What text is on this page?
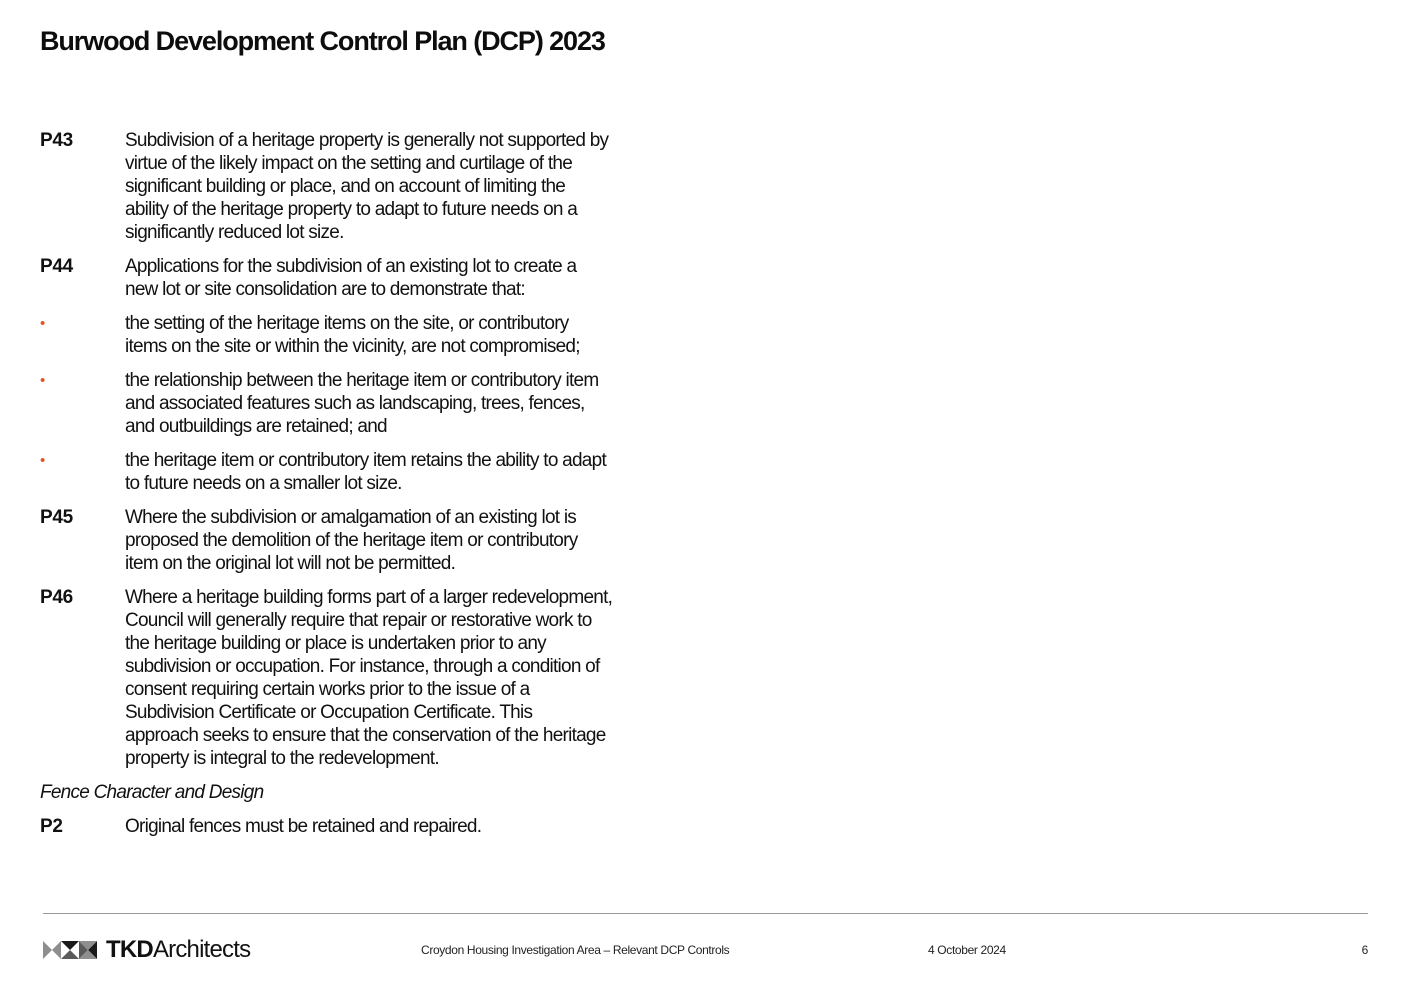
Burwood Development Control Plan (DCP) 2023
P43	Subdivision of a heritage property is generally not supported by
virtue of the likely impact on the setting and curtilage of the
significant building or place, and on account of limiting the
ability of the heritage property to adapt to future needs on a
significantly reduced lot size.
P44	Applications for the subdivision of an existing lot to create a
new lot or site consolidation are to demonstrate that:
•	the setting of the heritage items on the site, or contributory
items on the site or within the vicinity, are not compromised;
•	the relationship between the heritage item or contributory item
and associated features such as landscaping, trees, fences,
and outbuildings are retained; and
•	the heritage item or contributory item retains the ability to adapt
to future needs on a smaller lot size.
P45	Where the subdivision or amalgamation of an existing lot is
proposed the demolition of the heritage item or contributory
item on the original lot will not be permitted.
P46	Where a heritage building forms part of a larger redevelopment,
Council will generally require that repair or restorative work to
the heritage building or place is undertaken prior to any
subdivision or occupation. For instance, through a condition of
consent requiring certain works prior to the issue of a
Subdivision Certificate or Occupation Certificate. This
approach seeks to ensure that the conservation of the heritage
property is integral to the redevelopment.
Fence Character and Design
P2	Original fences must be retained and repaired.
TKD Architects	Croydon Housing Investigation Area – Relevant DCP Controls	4 October 2024	6
